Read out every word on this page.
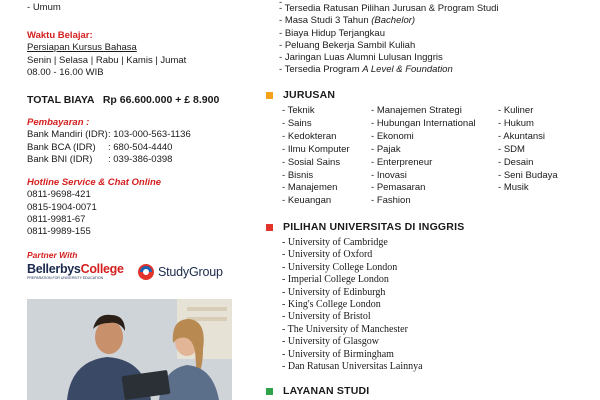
- Umum
Waktu Belajar:
Persiapan Kursus Bahasa
Senin | Selasa | Rabu | Kamis | Jumat
08.00 - 16.00 WIB
TOTAL BIAYA   Rp 66.600.000 + £ 8.900
Pembayaran :
Bank Mandiri (IDR): 103-000-563-1136
Bank BCA (IDR) : 680-504-4440
Bank BNI (IDR) : 039-386-0398
Hotline Service & Chat Online
0811-9698-421
0815-1904-0071
0811-9981-67
0811-9989-155
Partner With
BellerbysCollege
PREPARATION FOR UNIVERSITY EDUCATION	StudyGroup
-
- Tersedia Ratusan Pilihan Jurusan & Program Studi
- Masa Studi 3 Tahun (Bachelor)
- Biaya Hidup Terjangkau
- Peluang Bekerja Sambil Kuliah
- Jaringan Luas Alumni Lulusan Inggris
- Tersedia Program A Level & Foundation
JURUSAN
- Teknik
- Sains
- Kedokteran
- Ilmu Komputer
- Sosial Sains
- Bisnis
- Manajemen
- Keuangan
- Manajemen Strategi
- Hubungan International
- Ekonomi
- Pajak
- Enterpreneur
- Inovasi
- Pemasaran
- Fashion
- Kuliner
- Hukum
- Akuntansi
- SDM
- Desain
- Seni Budaya
- Musik
PILIHAN UNIVERSITAS DI INGGRIS
- University of Cambridge
- University of Oxford
- University College London
- Imperial College London
- University of Edinburgh
- King's College London
- University of Bristol
- The University of Manchester
- University of Glasgow
- University of Birmingham
- Dan Ratusan Universitas Lainnya
LAYANAN STUDI
